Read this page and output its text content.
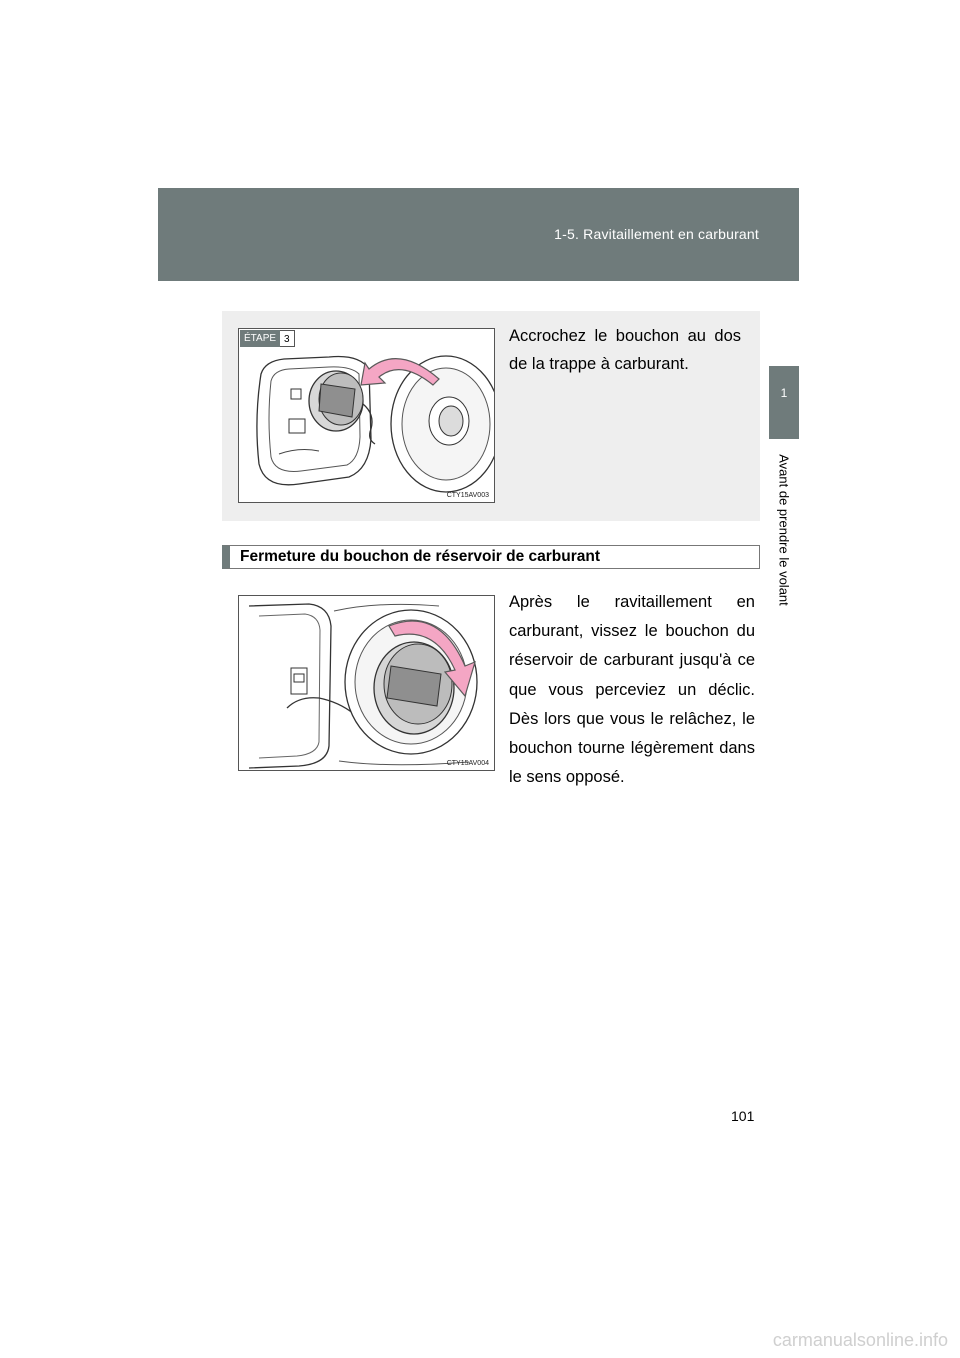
1-5. Ravitaillement en carburant
1
Avant de prendre le volant
ÉTAPE 3
CTY15AV003
Accrochez le bouchon au dos de la trappe à carburant.
Fermeture du bouchon de réservoir de carburant
CTY15AV004
Après le ravitaillement en carburant, vissez le bouchon du réservoir de carburant jusqu'à ce que vous perceviez un déclic. Dès lors que vous le relâchez, le bouchon tourne légèrement dans le sens opposé.
101
carmanualsonline.info
